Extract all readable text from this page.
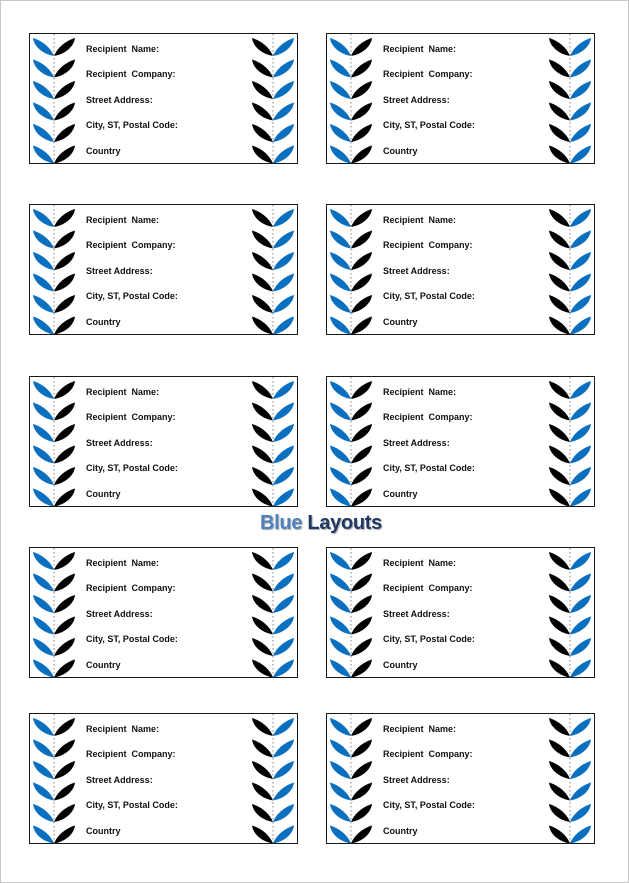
Recipient  Name:
Recipient  Company:
Street Address:
City, ST, Postal Code:
Country
Recipient  Name:
Recipient  Company:
Street Address:
City, ST, Postal Code:
Country
Recipient  Name:
Recipient  Company:
Street Address:
City, ST, Postal Code:
Country
Recipient  Name:
Recipient  Company:
Street Address:
City, ST, Postal Code:
Country
Recipient  Name:
Recipient  Company:
Street Address:
City, ST, Postal Code:
Country
Recipient  Name:
Recipient  Company:
Street Address:
City, ST, Postal Code:
Country
Recipient  Name:
Recipient  Company:
Street Address:
City, ST, Postal Code:
Country
Recipient  Name:
Recipient  Company:
Street Address:
City, ST, Postal Code:
Country
Recipient  Name:
Recipient  Company:
Street Address:
City, ST, Postal Code:
Country
Recipient  Name:
Recipient  Company:
Street Address:
City, ST, Postal Code:
Country
Blue Layouts
